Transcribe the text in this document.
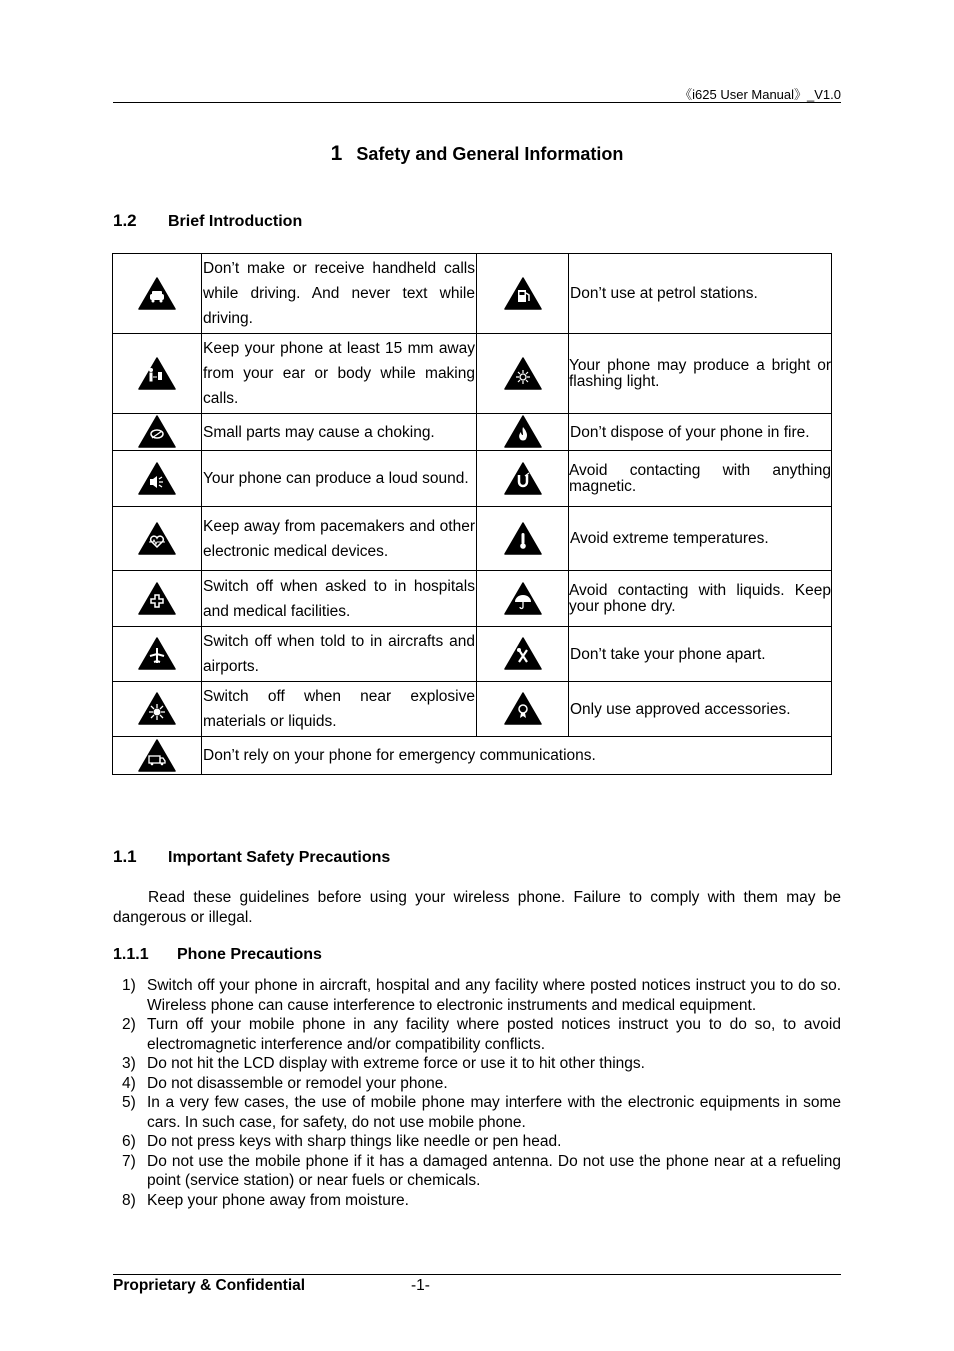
《i625 User Manual》_V1.0
1 Safety and General Information
1.2 Brief Introduction
	Don’t make or receive handheld calls while driving. And never text while driving.		Don’t use at petrol stations.

	Keep your phone at least 15 mm away from your ear or body while making calls.		Your phone may produce a bright or flashing light.

	Small parts may cause a choking.		Don’t dispose of your phone in fire.

	Your phone can produce a loud sound.		Avoid contacting with anything magnetic.

	Keep away from pacemakers and other electronic medical devices.		Avoid extreme temperatures.

	Switch off when asked to in hospitals and medical facilities.		Avoid contacting with liquids. Keep your phone dry.

	Switch off when told to in aircrafts and airports.		Don’t take your phone apart.

	Switch off when near explosive materials or liquids.		Only use approved accessories.

	Don’t rely on your phone for emergency communications.		
1.1 Important Safety Precautions
Read these guidelines before using your wireless phone. Failure to comply with them may be dangerous or illegal.
1.1.1 Phone Precautions
1) Switch off your phone in aircraft, hospital and any facility where posted notices instruct you to do so. Wireless phone can cause interference to electronic instruments and medical equipment.
2) Turn off your mobile phone in any facility where posted notices instruct you to do so, to avoid electromagnetic interference and/or compatibility conflicts.
3) Do not hit the LCD display with extreme force or use it to hit other things.
4) Do not disassemble or remodel your phone.
5) In a very few cases, the use of mobile phone may interfere with the electronic equipments in some cars. In such case, for safety, do not use mobile phone.
6) Do not press keys with sharp things like needle or pen head.
7) Do not use the mobile phone if it has a damaged antenna. Do not use the phone near at a refueling point (service station) or near fuels or chemicals.
8) Keep your phone away from moisture.
Proprietary & Confidential	-1-
